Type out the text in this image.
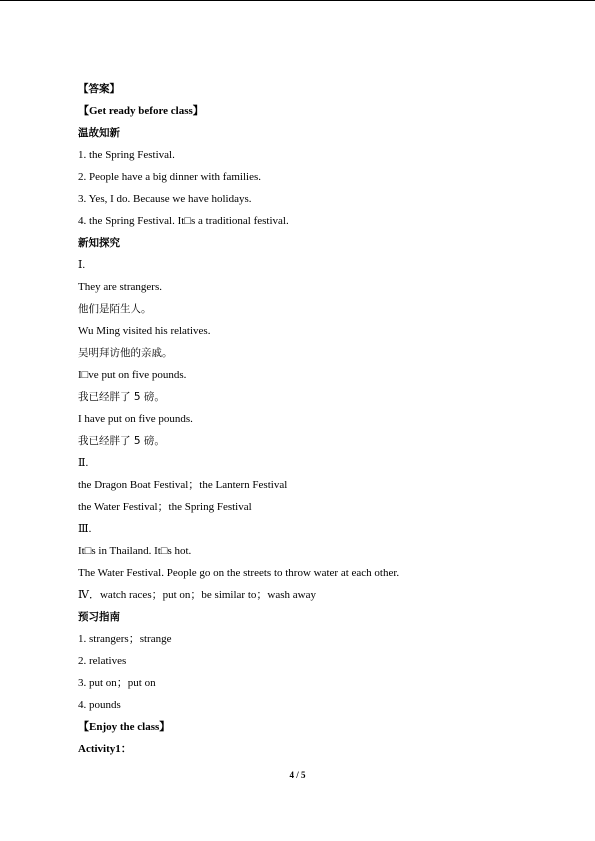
【答案】
【Get ready before class】
温故知新
1. the Spring Festival.
2. People have a big dinner with families.
3. Yes, I do. Because we have holidays.
4. the Spring Festival. It□s a traditional festival.
新知探究
Ⅰ.
They are strangers.
他们是陌生人。
Wu Ming visited his relatives.
吴明拜访他的亲戚。
I□ve put on five pounds.
我已经胖了 5 磅。
I have put on five pounds.
我已经胖了 5 磅。
Ⅱ.
the Dragon Boat Festival；the Lantern Festival
the Water Festival；the Spring Festival
Ⅲ.
It□s in Thailand. It□s hot.
The Water Festival. People go on the streets to throw water at each other.
Ⅳ．watch races；put on；be similar to；wash away
预习指南
1. strangers；strange
2. relatives
3. put on；put on
4. pounds
【Enjoy the class】
Activity1：
4 / 5
